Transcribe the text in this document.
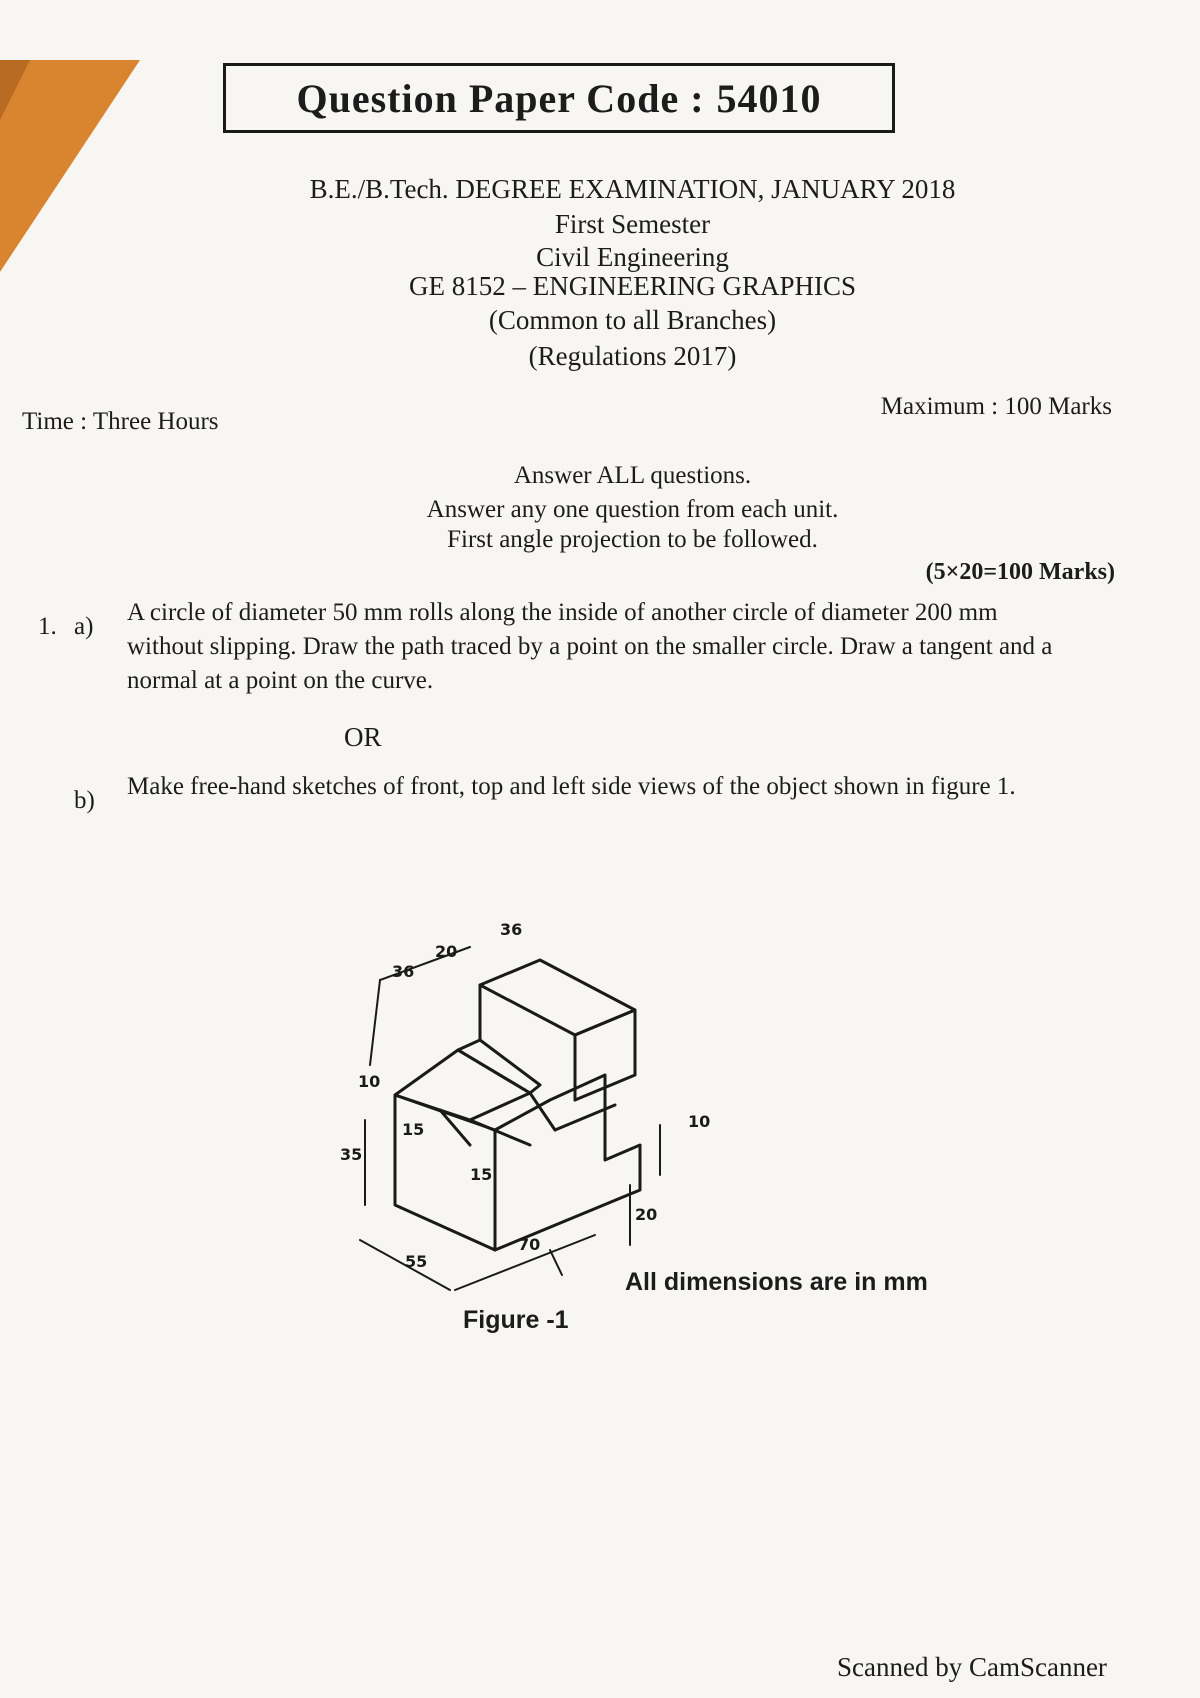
Question Paper Code : 54010
B.E./B.Tech. DEGREE EXAMINATION, JANUARY 2018
First Semester
Civil Engineering
GE 8152 – ENGINEERING GRAPHICS
(Common to all Branches)
(Regulations 2017)
Time : Three Hours
Maximum : 100 Marks
Answer ALL questions.
Answer any one question from each unit.
First angle projection to be followed.
(5×20=100 Marks)
1. a)
A circle of diameter 50 mm rolls along the inside of another circle of diameter 200 mm without slipping. Draw the path traced by a point on the smaller circle. Draw a tangent and a normal at a point on the curve.
OR
b)
Make free-hand sketches of front, top and left side views of the object shown in figure 1.
36
20
36
10
15
35
15
10
20
70
55
All dimensions are in mm
Figure -1
Scanned by CamScanner
